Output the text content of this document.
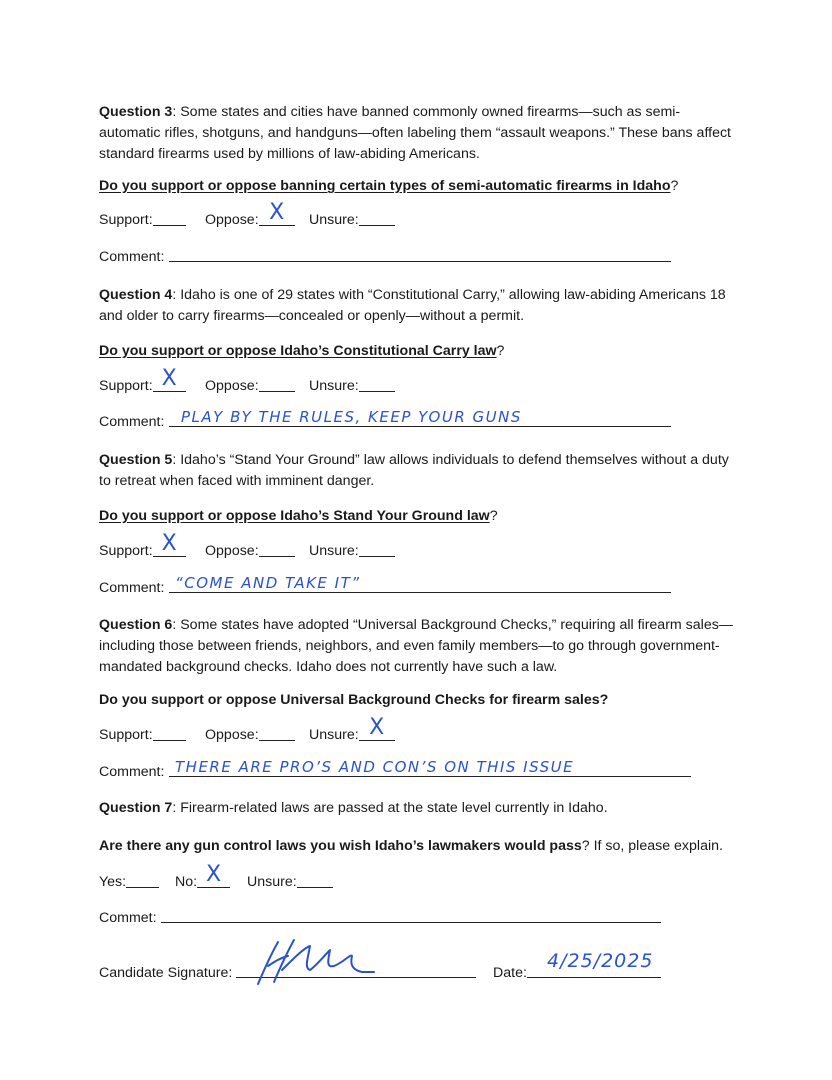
Question 3: Some states and cities have banned commonly owned firearms—such as semi-automatic rifles, shotguns, and handguns—often labeling them “assault weapons.” These bans affect standard firearms used by millions of law-abiding Americans.

Do you support or oppose banning certain types of semi-automatic firearms in Idaho?

Support:	Oppose: X	Unsure:
Comment:

Question 4: Idaho is one of 29 states with “Constitutional Carry,” allowing law-abiding Americans 18 and older to carry firearms—concealed or openly—without a permit.

Do you support or oppose Idaho’s Constitutional Carry law?

Support: X	Oppose:	Unsure:
Comment: PLAY BY THE RULES, KEEP YOUR GUNS

Question 5: Idaho’s “Stand Your Ground” law allows individuals to defend themselves without a duty to retreat when faced with imminent danger.

Do you support or oppose Idaho’s Stand Your Ground law?

Support: X	Oppose:	Unsure:
Comment: “COME AND TAKE IT”

Question 6: Some states have adopted “Universal Background Checks,” requiring all firearm sales—including those between friends, neighbors, and even family members—to go through government-mandated background checks. Idaho does not currently have such a law.

Do you support or oppose Universal Background Checks for firearm sales?

Support:	Oppose:	Unsure: X
Comment: THERE ARE PRO’S AND CON’S ON THIS ISSUE

Question 7: Firearm-related laws are passed at the state level currently in Idaho.

Are there any gun control laws you wish Idaho’s lawmakers would pass? If so, please explain.

Yes:	No: X	Unsure:
Commet:
Candidate Signature:	Date:
4/25/2025
